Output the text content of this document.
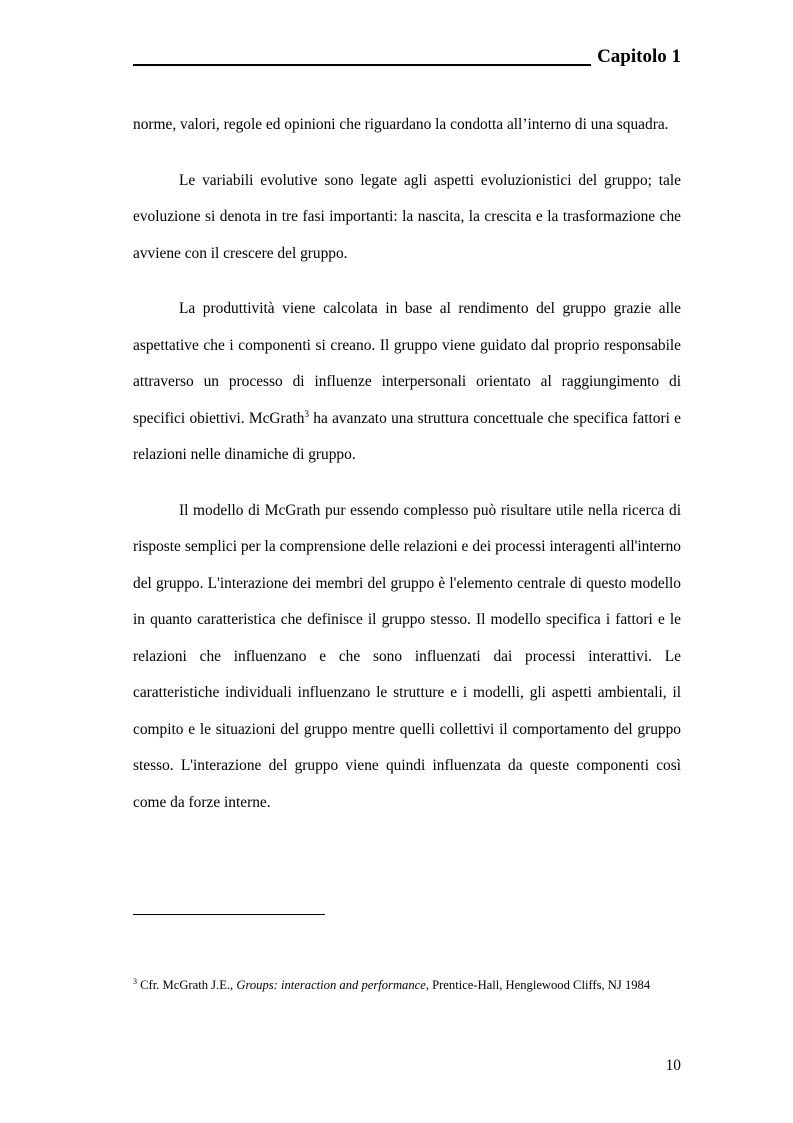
Capitolo 1

norme, valori, regole ed opinioni che riguardano la condotta all’interno di una squadra.

Le variabili evolutive sono legate agli aspetti evoluzionistici del gruppo; tale evoluzione si denota in tre fasi importanti: la nascita, la crescita e la trasformazione che avviene con il crescere del gruppo.

La produttività viene calcolata in base al rendimento del gruppo grazie alle aspettative che i componenti si creano. Il gruppo viene guidato dal proprio responsabile attraverso un processo di influenze interpersonali orientato al raggiungimento di specifici obiettivi. McGrath$^3$ ha avanzato una struttura concettuale che specifica fattori e relazioni nelle dinamiche di gruppo.

Il modello di McGrath pur essendo complesso può risultare utile nella ricerca di risposte semplici per la comprensione delle relazioni e dei processi interagenti all'interno del gruppo. L'interazione dei membri del gruppo è l'elemento centrale di questo modello in quanto caratteristica che definisce il gruppo stesso. Il modello specifica i fattori e le relazioni che influenzano e che sono influenzati dai processi interattivi. Le caratteristiche individuali influenzano le strutture e i modelli, gli aspetti ambientali, il compito e le situazioni del gruppo mentre quelli collettivi il comportamento del gruppo stesso. L'interazione del gruppo viene quindi influenzata da queste componenti così come da forze interne.

$^3$ Cfr. McGrath J.E., Groups: interaction and performance, Prentice-Hall, Henglewood Cliffs, NJ 1984
10
